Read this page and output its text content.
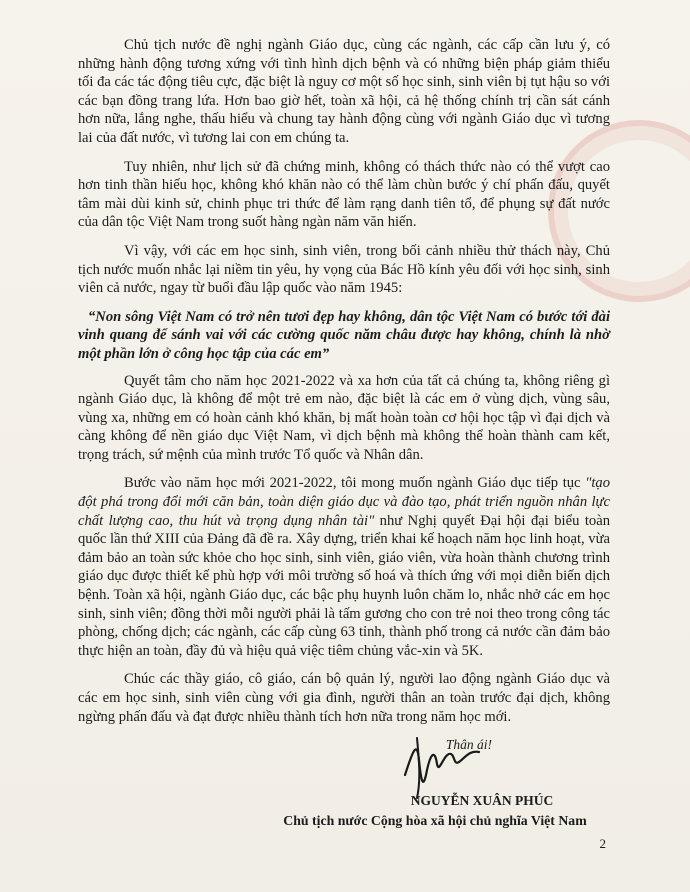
Chủ tịch nước đề nghị ngành Giáo dục, cùng các ngành, các cấp cần lưu ý, có những hành động tương xứng với tình hình dịch bệnh và có những biện pháp giảm thiểu tối đa các tác động tiêu cực, đặc biệt là nguy cơ một số học sinh, sinh viên bị tụt hậu so với các bạn đồng trang lứa. Hơn bao giờ hết, toàn xã hội, cả hệ thống chính trị cần sát cánh hơn nữa, lắng nghe, thấu hiểu và chung tay hành động cùng với ngành Giáo dục vì tương lai của đất nước, vì tương lai con em chúng ta.

Tuy nhiên, như lịch sử đã chứng minh, không có thách thức nào có thể vượt cao hơn tinh thần hiếu học, không khó khăn nào có thể làm chùn bước ý chí phấn đấu, quyết tâm mài dùi kinh sử, chinh phục tri thức để làm rạng danh tiên tổ, để phụng sự đất nước của dân tộc Việt Nam trong suốt hàng ngàn năm văn hiến.

Vì vậy, với các em học sinh, sinh viên, trong bối cảnh nhiều thử thách này, Chủ tịch nước muốn nhắc lại niềm tin yêu, hy vọng của Bác Hồ kính yêu đối với học sinh, sinh viên cả nước, ngay từ buổi đầu lập quốc vào năm 1945:

“Non sông Việt Nam có trở nên tươi đẹp hay không, dân tộc Việt Nam có bước tới đài vinh quang để sánh vai với các cường quốc năm châu được hay không, chính là nhờ một phần lớn ở công học tập của các em”

Quyết tâm cho năm học 2021-2022 và xa hơn của tất cả chúng ta, không riêng gì ngành Giáo dục, là không để một trẻ em nào, đặc biệt là các em ở vùng dịch, vùng sâu, vùng xa, những em có hoàn cảnh khó khăn, bị mất hoàn toàn cơ hội học tập vì đại dịch và càng không để nền giáo dục Việt Nam, vì dịch bệnh mà không thể hoàn thành cam kết, trọng trách, sứ mệnh của mình trước Tổ quốc và Nhân dân.

Bước vào năm học mới 2021-2022, tôi mong muốn ngành Giáo dục tiếp tục "tạo đột phá trong đổi mới căn bản, toàn diện giáo dục và đào tạo, phát triển nguồn nhân lực chất lượng cao, thu hút và trọng dụng nhân tài" như Nghị quyết Đại hội đại biểu toàn quốc lần thứ XIII của Đảng đã đề ra. Xây dựng, triển khai kế hoạch năm học linh hoạt, vừa đảm bảo an toàn sức khỏe cho học sinh, sinh viên, giáo viên, vừa hoàn thành chương trình giáo dục được thiết kế phù hợp với môi trường số hoá và thích ứng với mọi diễn biến dịch bệnh. Toàn xã hội, ngành Giáo dục, các bậc phụ huynh luôn chăm lo, nhắc nhở các em học sinh, sinh viên; đồng thời mỗi người phải là tấm gương cho con trẻ noi theo trong công tác phòng, chống dịch; các ngành, các cấp cùng 63 tỉnh, thành phố trong cả nước cần đảm bảo thực hiện an toàn, đầy đủ và hiệu quả việc tiêm chủng vắc-xin và 5K.

Chúc các thầy giáo, cô giáo, cán bộ quản lý, người lao động ngành Giáo dục và các em học sinh, sinh viên cùng với gia đình, người thân an toàn trước đại dịch, không ngừng phấn đấu và đạt được nhiều thành tích hơn nữa trong năm học mới.

Thân ái!
NGUYỄN XUÂN PHÚC
Chủ tịch nước Cộng hòa xã hội chủ nghĩa Việt Nam
2
